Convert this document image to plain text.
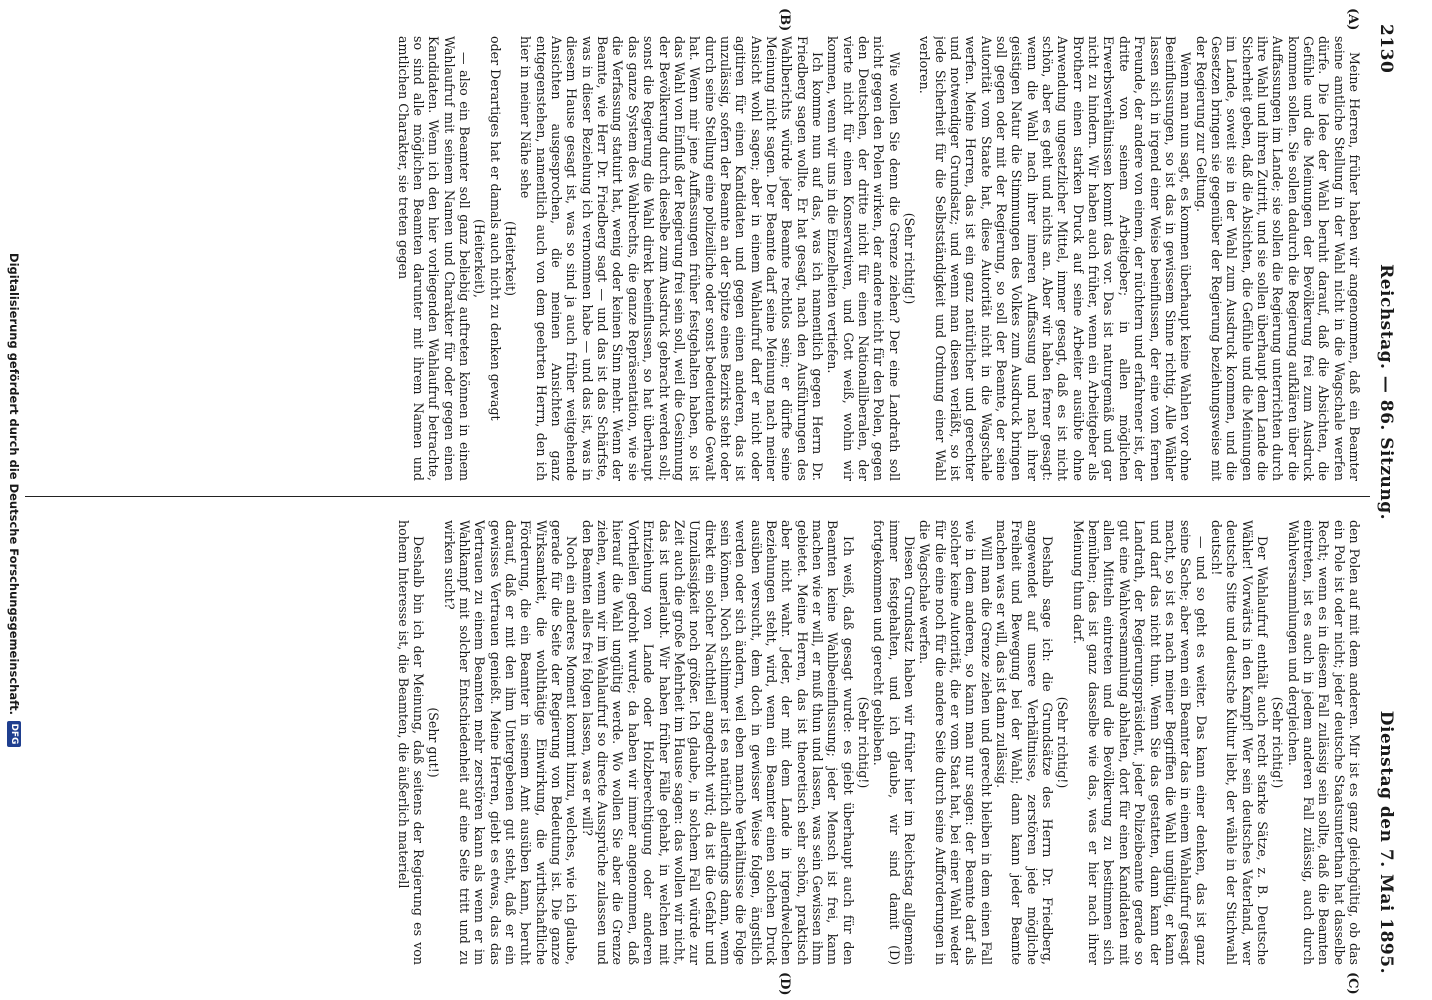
2130
Reichstag. — 86. Sitzung.
Dienstag den 7. Mai 1895.
(A)
(B)
(C)
(D)

Meine Herren, früher haben wir angenommen, daß ein Beamter seine amtliche Stellung in der Wahl nicht in die Wagschale werfen dürfe. Die Idee der Wahl beruht darauf, daß die Absichten, die Gefühle und die Meinungen der Bevölkerung frei zum Ausdruck kommen sollen. Sie sollen dadurch die Regierung aufklären über die Auffassungen im Lande; sie sollen die Regierung unterrichten durch ihre Wahl und ihren Zutritt, und sie sollen überhaupt dem Lande die Sicherheit geben, daß die Absichten, die Gefühle und die Meinungen im Lande, soweit sie in der Wahl zum Ausdruck kommen, und die Gesetzen bringen sie gegenüber der Regierung beziehungsweise mit der Regierung zur Geltung.

Wenn man nun sagt, es kommen überhaupt keine Wahlen vor ohne Beeinflussungen, so ist das in gewissem Sinne richtig. Alle Wähler lassen sich in irgend einer Weise beeinflussen, der eine vom fernen Freunde, der andere von einem, der nüchtern und erfahrener ist, der dritte von seinem Arbeitgeber; in allen möglichen Erwerbsverhältnissen kommt das vor. Das ist naturgemäß und gar nicht zu hindern. Wir haben auch früher, wenn ein Arbeitgeber als Brotherr einen starken Druck auf seine Arbeiter ausübte ohne Anwendung ungesetzlicher Mittel, immer gesagt, daß es ist nicht schön, aber es geht und nichts an. Aber wir haben ferner gesagt: wenn die Wahl nach ihrer inneren Auffassung und nach ihrer geistigen Natur die Stimmungen des Volkes zum Ausdruck bringen soll gegen oder mit der Regierung, so soll der Beamte, der seine Autorität vom Staate hat, diese Autorität nicht in die Wagschale werfen. Meine Herren, das ist ein ganz natürlicher und gerechter und notwendiger Grundsatz; und wenn man diesen verläßt, so ist jede Sicherheit für die Selbstständigkeit und Ordnung einer Wahl verloren.

(Sehr richtig!)

Wie wollen Sie denn die Grenze ziehen? Der eine Landrath soll nicht gegen den Polen wirken, der andere nicht für den Polen, gegen den Deutschen, der dritte nicht für einen Nationalliberalen, der vierte nicht für einen Konservativen, und Gott weiß, wohin wir kommen, wenn wir uns in die Einzelheiten vertiefen.

Ich komme nun auf das, was ich namentlich gegen Herrn Dr. Friedberg sagen wollte. Er hat gesagt, nach den Ausführungen des Wahlberichts würde jeder Beamte rechtlos sein; er dürfte seine Meinung nicht sagen. Der Beamte darf seine Meinung nach meiner Ansicht wohl sagen; aber in einem Wahlaufruf darf er nicht oder agitiren für einen Kandidaten und gegen einen anderen, das ist unzulässig, sofern der Beamte an der Spitze eines Bezirks steht oder durch seine Stellung eine polizeiliche oder sonst bedeutende Gewalt hat. Wenn mir jene Auffassungen früher festgehalten haben, so ist das Wahl von Einfluß der Regierung frei sein soll, weil die Gesinnung der Bevölkerung durch dieselbe zum Ausdruck gebracht werden soll; sonst die Regierung die Wahl direkt beeinflussen, so hat überhaupt das ganze System des Wahlrechts, die ganze Repräsentation, wie sie die Verfassung statuirt hat, wenig oder keinen Sinn mehr. Wenn der Beamte, wie Herr Dr. Friedberg sagt — und das ist das Schärfste, was in dieser Beziehung ich vernommen habe — und das ist, was in diesem Hause gesagt ist, was so sind ja auch früher weitgehende Ansichten ausgesprochen, die meinen Ansichten ganz entgegenstehen, namentlich auch von dem geehrten Herrn, den ich hier in meiner Nähe sehe

(Heiterkeit)

oder Derartiges hat er damals auch nicht zu denken gewagt

(Heiterkeit),

— also ein Beamter soll ganz beliebig auftreten können in einem Wahlaufruf mit seinem Namen und Charakter für oder gegen einen Kandidaten. Wenn ich den hier vorliegenden Wahlaufruf betrachte, so sind alle möglichen Beamten darunter mit ihrem Namen und amtlichen Charakter, sie treten gegen

den Polen auf mit dem anderen. Mir ist es ganz gleichgültig, ob das ein Pole ist oder nicht; jeder deutsche Staatsunterthan hat dasselbe Recht; wenn es in diesem Fall zulässig sein sollte, daß die Beamten eintreten, ist es auch in jedem anderen Fall zulässig, auch durch Wahlversammlungen und dergleichen.

(Sehr richtig!)

Der Wahlaufruf enthält auch recht starke Sätze, z. B. Deutsche Wähler! Vorwärts in den Kampf! Wer sein deutsches Vaterland, wer deutsche Sitte und deutsche Kultur liebt, der wähle in der Stichwahl deutsch!

— und so geht es weiter. Das kann einer denken, das ist ganz seine Sache; aber wenn ein Beamter das in einem Wahlaufruf gesagt macht, so ist es nach meiner Begriffen die Wahl ungültig, er kann und darf das nicht thun. Wenn Sie das gestatten, dann kann der Landrath, der Regierungspräsident, jeder Polizeibeamte gerade so gut eine Wahlversammlung abhalten, dort für einen Kandidaten mit allen Mitteln eintreten und die Bevölkerung zu bestimmen sich bemühen; das ist ganz dasselbe wie das, was er hier nach ihrer Meinung thun darf.

(Sehr richtig!)

Deshalb sage ich: die Grundsätze des Herrn Dr. Friedberg, angewendet auf unsere Verhältnisse, zerstören jede mögliche Freiheit und Bewegung bei der Wahl; dann kann jeder Beamte machen was er will, das ist dann zulässig.

Will man die Grenze ziehen und gerecht bleiben in dem einen Fall wie in dem anderen, so kann man nur sagen: der Beamte darf als solcher keine Autorität, die er vom Staat hat, bei einer Wahl weder für die eine noch für die andere Seite durch seine Aufforderungen in die Wagschale werfen.

Diesen Grundsatz haben wir früher hier im Reichstag allgemein immer festgehalten, und ich glaube, wir sind damit (D) fortgekommen und gerecht geblieben.

(Sehr richtig!)

Ich weiß, daß gesagt wurde: es giebt überhaupt auch für den Beamten keine Wahlbeeinflussung; jeder Mensch ist frei, kann machen wie er will, er muß thun und lassen, was sein Gewissen ihm gebietet. Meine Herren, das ist theoretisch sehr schön, praktisch aber nicht wahr. Jeder, der mit dem Lande in irgendwelchen Beziehungen steht, wird, wenn ein Beamter einen solchen Druck ausüben versucht, dem doch in gewisser Weise folgen, ängstlich werden oder sich ändern, weil eben manche Verhältnisse die Folge sein können. Noch schlimmer ist es natürlich allerdings dann, wenn direkt ein solcher Nachtheil angedroht wird; da ist die Gefahr und Unzulässigkeit noch größer. Ich glaube, in solchem Fall würde zur Zeit auch die große Mehrheit im Hause sagen: das wollen wir nicht, das ist unerlaubt. Wir haben früher Fälle gehabt, in welchen mit Entziehung von Lande oder Holzberechtigung oder anderen Vortheilen gedroht wurde; da haben wir immer angenommen, daß hierauf die Wahl ungültig werde. Wo wollen Sie aber die Grenze ziehen, wenn wir im Wahlaufruf so directe Aussprüche zulassen und den Beamten alles frei folgen lassen, was er will?

Noch ein anderes Moment kommt hinzu, welches, wie ich glaube, gerade für die Seite der Regierung von Bedeutung ist. Die ganze Wirksamkeit, die wohlthätige Einwirkung, die wirthschaftliche Förderung, die ein Beamter in seinem Amt ausüben kann, beruht darauf, daß er mit den ihm Untergebenen gut steht, daß er ein gewisses Vertrauen genießt. Meine Herren, giebt es etwas, das das Vertrauen zu einem Beamten mehr zerstören kann als wenn er im Wahlkampf mit solcher Entschiedenheit auf eine Seite tritt und zu wirken sucht?

(Sehr gut!)

Deshalb bin ich der Meinung, daß seitens der Regierung es von hohem Interesse ist, die Beamten, die äußerlich materiell

Digitalisierung gefördert durch die Deutsche Forschungsgemeinschaft.
DFG
